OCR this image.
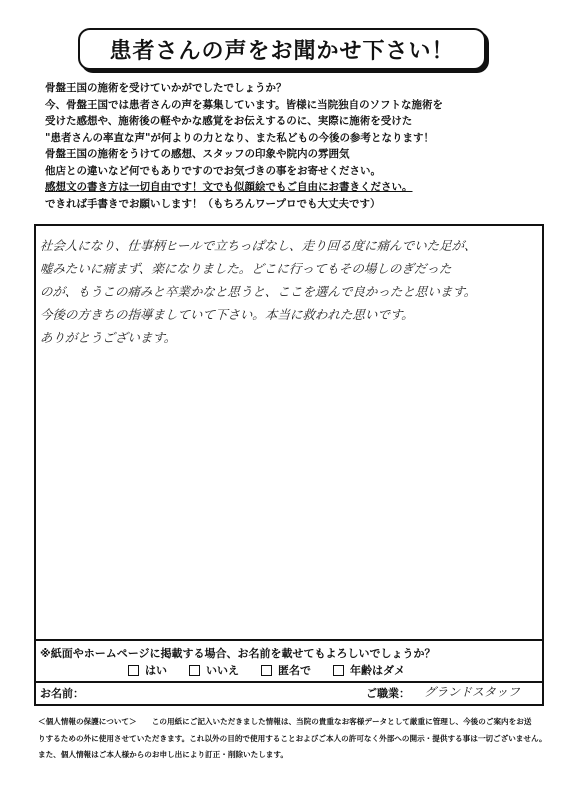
患者さんの声をお聞かせ下さい！
骨盤王国の施術を受けていかがでしたでしょうか？
今、骨盤王国では患者さんの声を募集しています。皆様に当院独自のソフトな施術を
受けた感想や、施術後の軽やかな感覚をお伝えするのに、実際に施術を受けた
"患者さんの率直な声"が何よりの力となり、また私どもの今後の参考となります！
骨盤王国の施術をうけての感想、スタッフの印象や院内の雰囲気
他店との違いなど何でもありですのでお気づきの事をお寄せください。
感想文の書き方は一切自由です！文でも似顔絵でもご自由にお書きください。
できれば手書きでお願いします！（もちろんワープロでも大丈夫です）
社会人になり、仕事柄ヒールで立ちっぱなし、走り回る度に痛んでいた足が、
嘘みたいに痛まず、楽になりました。どこに行ってもその場しのぎだった
のが、もうこの痛みと卒業かなと思うと、ここを選んで良かったと思います。
今後の方きちの指導ましていて下さい。本当に救われた思いです。
ありがとうございます。
※紙面やホームページに掲載する場合、お名前を載せてもよろしいでしょうか？
はい	いいえ	匿名で	年齢はダメ
お名前：	ご職業： グランドスタッフ
＜個人情報の保護について＞　　この用紙にご記入いただきました情報は、当院の貴重なお客様データとして厳重に管理し、今後のご案内をお送
りするための外に使用させていただきます。これ以外の目的で使用することおよびご本人の許可なく外部への開示・提供する事は一切ございません。
また、個人情報はご本人様からのお申し出により訂正・削除いたします。
